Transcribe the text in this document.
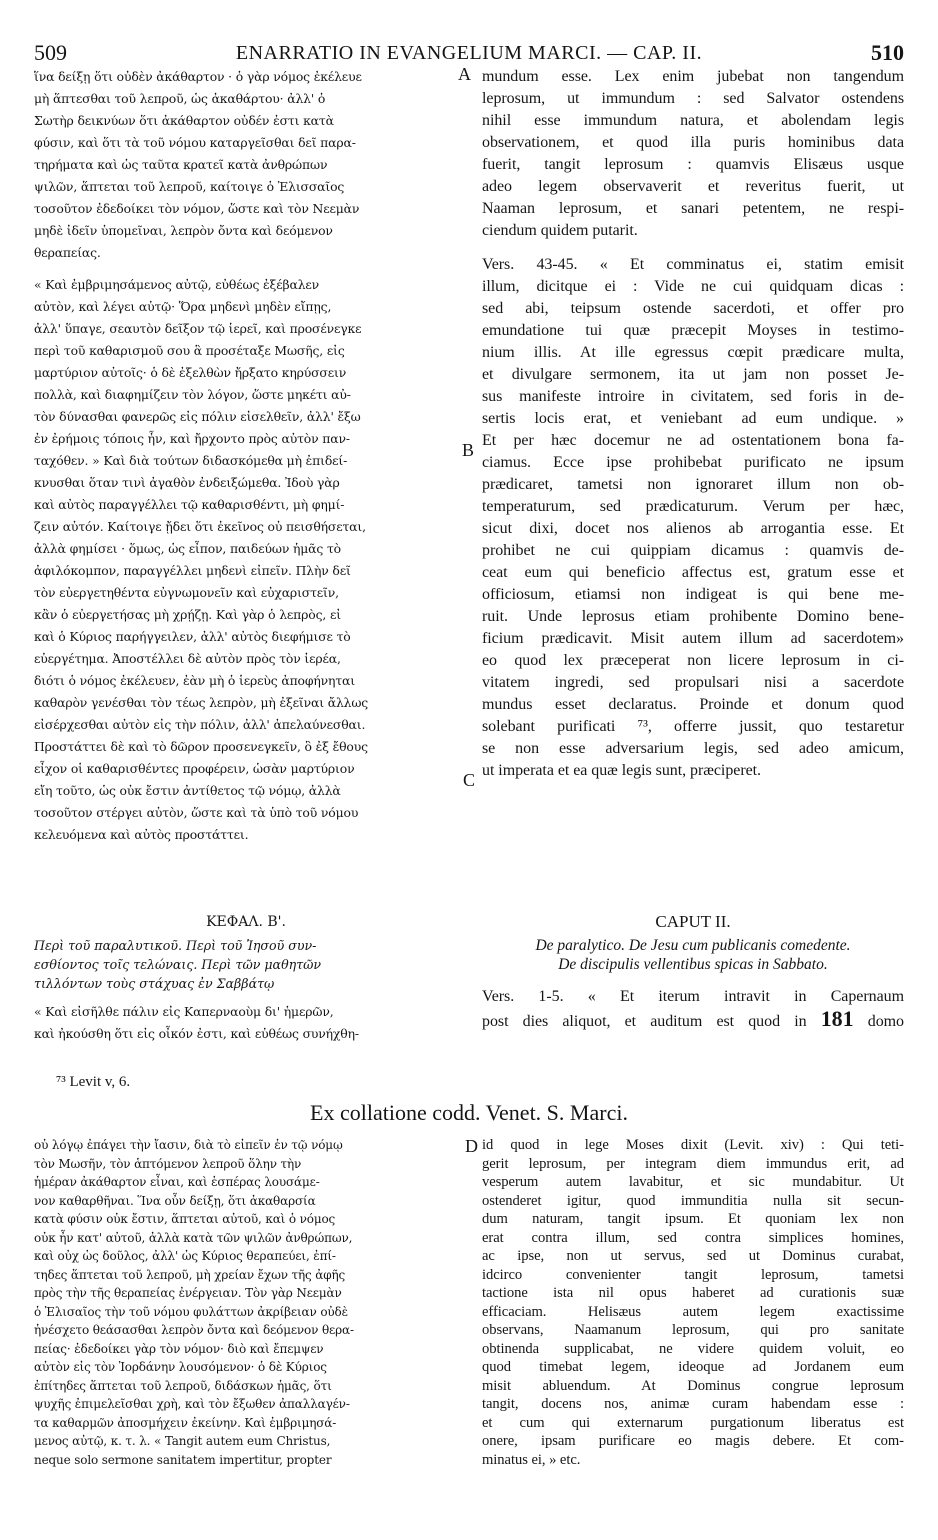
509	ENARRATIO IN EVANGELIUM MARCI. — CAP. II.	510
A
B
C
D
ἵνα δείξῃ ὅτι οὐδὲν ἀκάθαρτον · ὁ γὰρ νόμος ἐκέλευε
μὴ ἅπτεσθαι τοῦ λεπροῦ, ὡς ἀκαθάρτου· ἀλλ' ὁ
Σωτὴρ δεικνύων ὅτι ἀκάθαρτον οὐδέν ἐστι κατὰ
φύσιν, καὶ ὅτι τὰ τοῦ νόμου καταργεῖσθαι δεῖ παρα-
τηρήματα καὶ ὡς ταῦτα κρατεῖ κατὰ ἀνθρώπων
ψιλῶν, ἅπτεται τοῦ λεπροῦ, καίτοιγε ὁ Ἐλισσαῖος
τοσοῦτον ἐδεδοίκει τὸν νόμον, ὥστε καὶ τὸν Νεεμὰν
μηδὲ ἰδεῖν ὑπομεῖναι, λεπρὸν ὄντα καὶ δεόμενον
θεραπείας.
« Καὶ ἐμβριμησάμενος αὐτῷ, εὐθέως ἐξέβαλεν
αὐτὸν, καὶ λέγει αὐτῷ· Ὅρα μηδενὶ μηδὲν εἴπῃς,
ἀλλ' ὕπαγε, σεαυτὸν δεῖξον τῷ ἱερεῖ, καὶ προσένεγκε
περὶ τοῦ καθαρισμοῦ σου ἃ προσέταξε Μωσῆς, εἰς
μαρτύριον αὐτοῖς· ὁ δὲ ἐξελθὼν ἤρξατο κηρύσσειν
πολλὰ, καὶ διαφημίζειν τὸν λόγον, ὥστε μηκέτι αὐ-
τὸν δύνασθαι φανερῶς εἰς πόλιν εἰσελθεῖν, ἀλλ' ἔξω
ἐν ἐρήμοις τόποις ἦν, καὶ ἤρχοντο πρὸς αὐτὸν παν-
ταχόθεν. » Καὶ διὰ τούτων διδασκόμεθα μὴ ἐπιδεί-
κνυσθαι ὅταν τινὶ ἀγαθὸν ἐνδειξώμεθα. Ἰδοὺ γὰρ
καὶ αὐτὸς παραγγέλλει τῷ καθαρισθέντι, μὴ φημί-
ζειν αὐτόν. Καίτοιγε ᾔδει ὅτι ἐκεῖνος οὐ πεισθήσεται,
ἀλλὰ φημίσει · ὅμως, ὡς εἶπον, παιδεύων ἡμᾶς τὸ
ἀφιλόκομπον, παραγγέλλει μηδενὶ εἰπεῖν. Πλὴν δεῖ
τὸν εὐεργετηθέντα εὐγνωμονεῖν καὶ εὐχαριστεῖν,
κἂν ὁ εὐεργετήσας μὴ χρῄζῃ. Καὶ γὰρ ὁ λεπρὸς, εἰ
καὶ ὁ Κύριος παρήγγειλεν, ἀλλ' αὐτὸς διεφήμισε τὸ
εὐεργέτημα. Ἀποστέλλει δὲ αὐτὸν πρὸς τὸν ἱερέα,
διότι ὁ νόμος ἐκέλευεν, ἐὰν μὴ ὁ ἱερεὺς ἀποφήνηται
καθαρὸν γενέσθαι τὸν τέως λεπρὸν, μὴ ἐξεῖναι ἄλλως
εἰσέρχεσθαι αὐτὸν εἰς τὴν πόλιν, ἀλλ' ἀπελαύνεσθαι.
Προστάττει δὲ καὶ τὸ δῶρον προσενεγκεῖν, ὃ ἐξ ἔθους
εἶχον οἱ καθαρισθέντες προφέρειν, ὡσὰν μαρτύριον
εἴη τοῦτο, ὡς οὐκ ἔστιν ἀντίθετος τῷ νόμῳ, ἀλλὰ
τοσοῦτον στέργει αὐτὸν, ὥστε καὶ τὰ ὑπὸ τοῦ νόμου
κελευόμενα καὶ αὐτὸς προστάττει.
mundum esse. Lex enim jubebat non tangendum
leprosum, ut immundum : sed Salvator ostendens
nihil esse immundum natura, et abolendam legis
observationem, et quod illa puris hominibus data
fuerit, tangit leprosum : quamvis Elisæus usque
adeo legem observaverit et reveritus fuerit, ut
Naaman leprosum, et sanari petentem, ne respi-
ciendum quidem putarit.
Vers. 43-45. « Et comminatus ei, statim emisit
illum, dicitque ei : Vide ne cui quidquam dicas :
sed abi, teipsum ostende sacerdoti, et offer pro
emundatione tui quæ præcepit Moyses in testimo-
nium illis. At ille egressus cœpit prædicare multa,
et divulgare sermonem, ita ut jam non posset Je-
sus manifeste introire in civitatem, sed foris in de-
sertis locis erat, et veniebant ad eum undique. »
Et per hæc docemur ne ad ostentationem bona fa-
ciamus. Ecce ipse prohibebat purificato ne ipsum
prædicaret, tametsi non ignoraret illum non ob-
temperaturum, sed prædicaturum. Verum per hæc,
sicut dixi, docet nos alienos ab arrogantia esse. Et
prohibet ne cui quippiam dicamus : quamvis de-
ceat eum qui beneficio affectus est, gratum esse et
officiosum, etiamsi non indigeat is qui bene me-
ruit. Unde leprosus etiam prohibente Domino bene-
ficium prædicavit. Misit autem illum ad sacerdotem»
eo quod lex præceperat non licere leprosum in ci-
vitatem ingredi, sed propulsari nisi a sacerdote
mundus esset declaratus. Proinde et donum quod
solebant purificati ⁷³, offerre jussit, quo testaretur
se non esse adversarium legis, sed adeo amicum,
ut imperata et ea quæ legis sunt, præciperet.
ΚΕΦΑΛ. Β'.
Περὶ τοῦ παραλυτικοῦ. Περὶ τοῦ Ἰησοῦ συν-
εσθίοντος τοῖς τελώναις. Περὶ τῶν μαθητῶν
τιλλόντων τοὺς στάχυας ἐν Σαββάτῳ
« Καὶ εἰσῆλθε πάλιν εἰς Καπερναοὺμ δι' ἡμερῶν,
καὶ ἠκούσθη ὅτι εἰς οἶκόν ἐστι, καὶ εὐθέως συνήχθη-
CAPUT II.
De paralytico. De Jesu cum publicanis comedente.
De discipulis vellentibus spicas in Sabbato.
Vers. 1-5. « Et iterum intravit in Capernaum
post dies aliquot, et auditum est quod in 181 domo
⁷³ Levit v, 6.
Ex collatione codd. Venet. S. Marci.
οὐ λόγῳ ἐπάγει τὴν ἴασιν, διὰ τὸ εἰπεῖν ἐν τῷ νόμῳ
τὸν Μωσῆν, τὸν ἁπτόμενον λεπροῦ ὅλην τὴν
ἡμέραν ἀκάθαρτον εἶναι, καὶ ἑσπέρας λουσάμε-
νον καθαρθῆναι. Ἵνα οὖν δείξῃ, ὅτι ἀκαθαρσία
κατὰ φύσιν οὐκ ἔστιν, ἅπτεται αὐτοῦ, καὶ ὁ νόμος
οὐκ ἦν κατ' αὐτοῦ, ἀλλὰ κατὰ τῶν ψιλῶν ἀνθρώπων,
καὶ οὐχ ὡς δοῦλος, ἀλλ' ὡς Κύριος θεραπεύει, ἐπί-
τηδες ἅπτεται τοῦ λεπροῦ, μὴ χρείαν ἔχων τῆς ἀφῆς
πρὸς τὴν τῆς θεραπείας ἐνέργειαν. Τὸν γὰρ Νεεμὰν
ὁ Ἐλισαῖος τὴν τοῦ νόμου φυλάττων ἀκρίβειαν οὐδὲ
ἠνέσχετο θεάσασθαι λεπρὸν ὄντα καὶ δεόμενον θερα-
πείας· ἐδεδοίκει γὰρ τὸν νόμον· διὸ καὶ ἔπεμψεν
αὐτὸν εἰς τὸν Ἰορδάνην λουσόμενον· ὁ δὲ Κύριος
ἐπίτηδες ἅπτεται τοῦ λεπροῦ, διδάσκων ἡμᾶς, ὅτι
ψυχῆς ἐπιμελεῖσθαι χρὴ, καὶ τὸν ἔξωθεν ἀπαλλαγέν-
τα καθαρμῶν ἀποσμήχειν ἐκείνην. Καὶ ἐμβριμησά-
μενος αὐτῷ, κ. τ. λ. « Tangit autem eum Christus,
neque solo sermone sanitatem impertitur, propter
id quod in lege Moses dixit (Levit. xiv) : Qui teti-
gerit leprosum, per integram diem immundus erit, ad
vesperum autem lavabitur, et sic mundabitur. Ut
ostenderet igitur, quod immunditia nulla sit secun-
dum naturam, tangit ipsum. Et quoniam lex non
erat contra illum, sed contra simplices homines,
ac ipse, non ut servus, sed ut Dominus curabat,
idcirco convenienter tangit leprosum, tametsi
tactione ista nil opus haberet ad curationis suæ
efficaciam. Helisæus autem legem exactissime
observans, Naamanum leprosum, qui pro sanitate
obtinenda supplicabat, ne videre quidem voluit, eo
quod timebat legem, ideoque ad Jordanem eum
misit abluendum. At Dominus congrue leprosum
tangit, docens nos, animæ curam habendam esse :
et cum qui externarum purgationum liberatus est
onere, ipsam purificare eo magis debere. Et com-
minatus ei, » etc.
